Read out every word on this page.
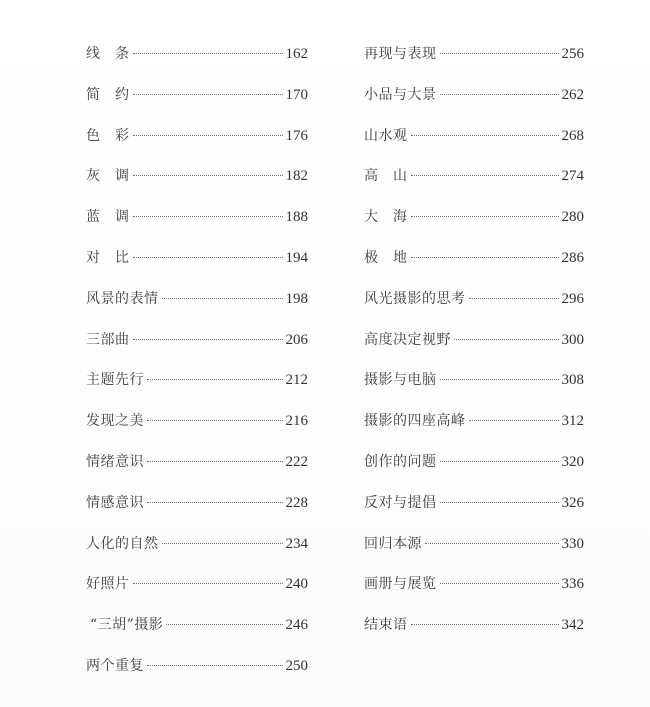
线　条	162
简　约	170
色　彩	176
灰　调	182
蓝　调	188
对　比	194
风景的表情	198
三部曲	206
主题先行	212
发现之美	216
情绪意识	222
情感意识	228
人化的自然	234
好照片	240
“三胡”摄影	246
两个重复	250
再现与表现	256
小品与大景	262
山水观	268
高　山	274
大　海	280
极　地	286
风光摄影的思考	296
高度决定视野	300
摄影与电脑	308
摄影的四座高峰	312
创作的问题	320
反对与提倡	326
回归本源	330
画册与展览	336
结束语	342
